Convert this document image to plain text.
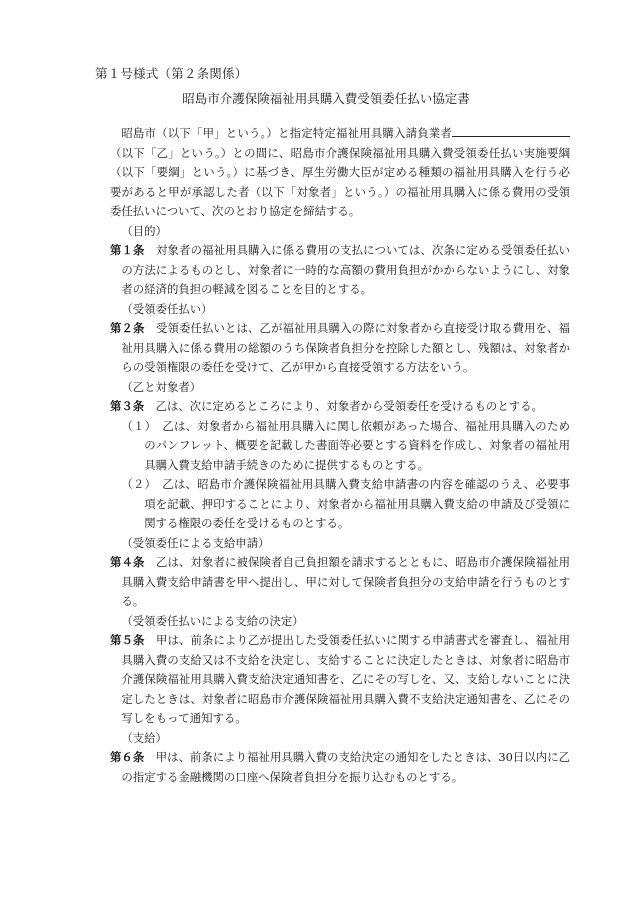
第１号様式（第２条関係）
昭島市介護保険福祉用具購入費受領委任払い協定書

昭島市（以下「甲」という。）と指定特定福祉用具購入請負業者（以下「乙」という。）との間に、昭島市介護保険福祉用具購入費受領委任払い実施要綱（以下「要綱」という。）に基づき、厚生労働大臣が定める種類の福祉用具購入を行う必要があると甲が承認した者（以下「対象者」という。）の福祉用具購入に係る費用の受領委任払いについて、次のとおり協定を締結する。

（目的）

第１条　 対象者の福祉用具購入に係る費用の支払については、次条に定める受領委任払いの方法によるものとし、対象者に一時的な高額の費用負担がかからないようにし、対象者の経済的負担の軽減を図ることを目的とする。

（受領委任払い）

第２条　 受領委任払いとは、乙が福祉用具購入の際に対象者から直接受け取る費用を、福祉用具購入に係る費用の総額のうち保険者負担分を控除した額とし、残額は、対象者からの受領権限の委任を受けて、乙が甲から直接受領する方法をいう。

（乙と対象者）

第３条　 乙は、次に定めるところにより、対象者から受領委任を受けるものとする。

（１）　 乙は、対象者から福祉用具購入に関し依頼があった場合、福祉用具購入のためのパンフレット、概要を記載した書面等必要とする資料を作成し、対象者の福祉用具購入費支給申請手続きのために提供するものとする。

（２）　 乙は、昭島市介護保険福祉用具購入費支給申請書の内容を確認のうえ、必要事項を記載、押印することにより、対象者から福祉用具購入費支給の申請及び受領に関する権限の委任を受けるものとする。

（受領委任による支給申請）

第４条　 乙は、対象者に被保険者自己負担額を請求するとともに、昭島市介護保険福祉用具購入費支給申請書を甲へ提出し、甲に対して保険者負担分の支給申請を行うものとする。

（受領委任払いによる支給の決定）

第５条　 甲は、前条により乙が提出した受領委任払いに関する申請書式を審査し、福祉用具購入費の支給又は不支給を決定し、支給することに決定したときは、対象者に昭島市介護保険福祉用具購入費支給決定通知書を、乙にその写しを、又、支給しないことに決定したときは、対象者に昭島市介護保険福祉用具購入費不支給決定通知書を、乙にその写しをもって通知する。

（支給）

第６条　 甲は、前条により福祉用具購入費の支給決定の通知をしたときは、30日以内に乙の指定する金融機関の口座へ保険者負担分を振り込むものとする。
